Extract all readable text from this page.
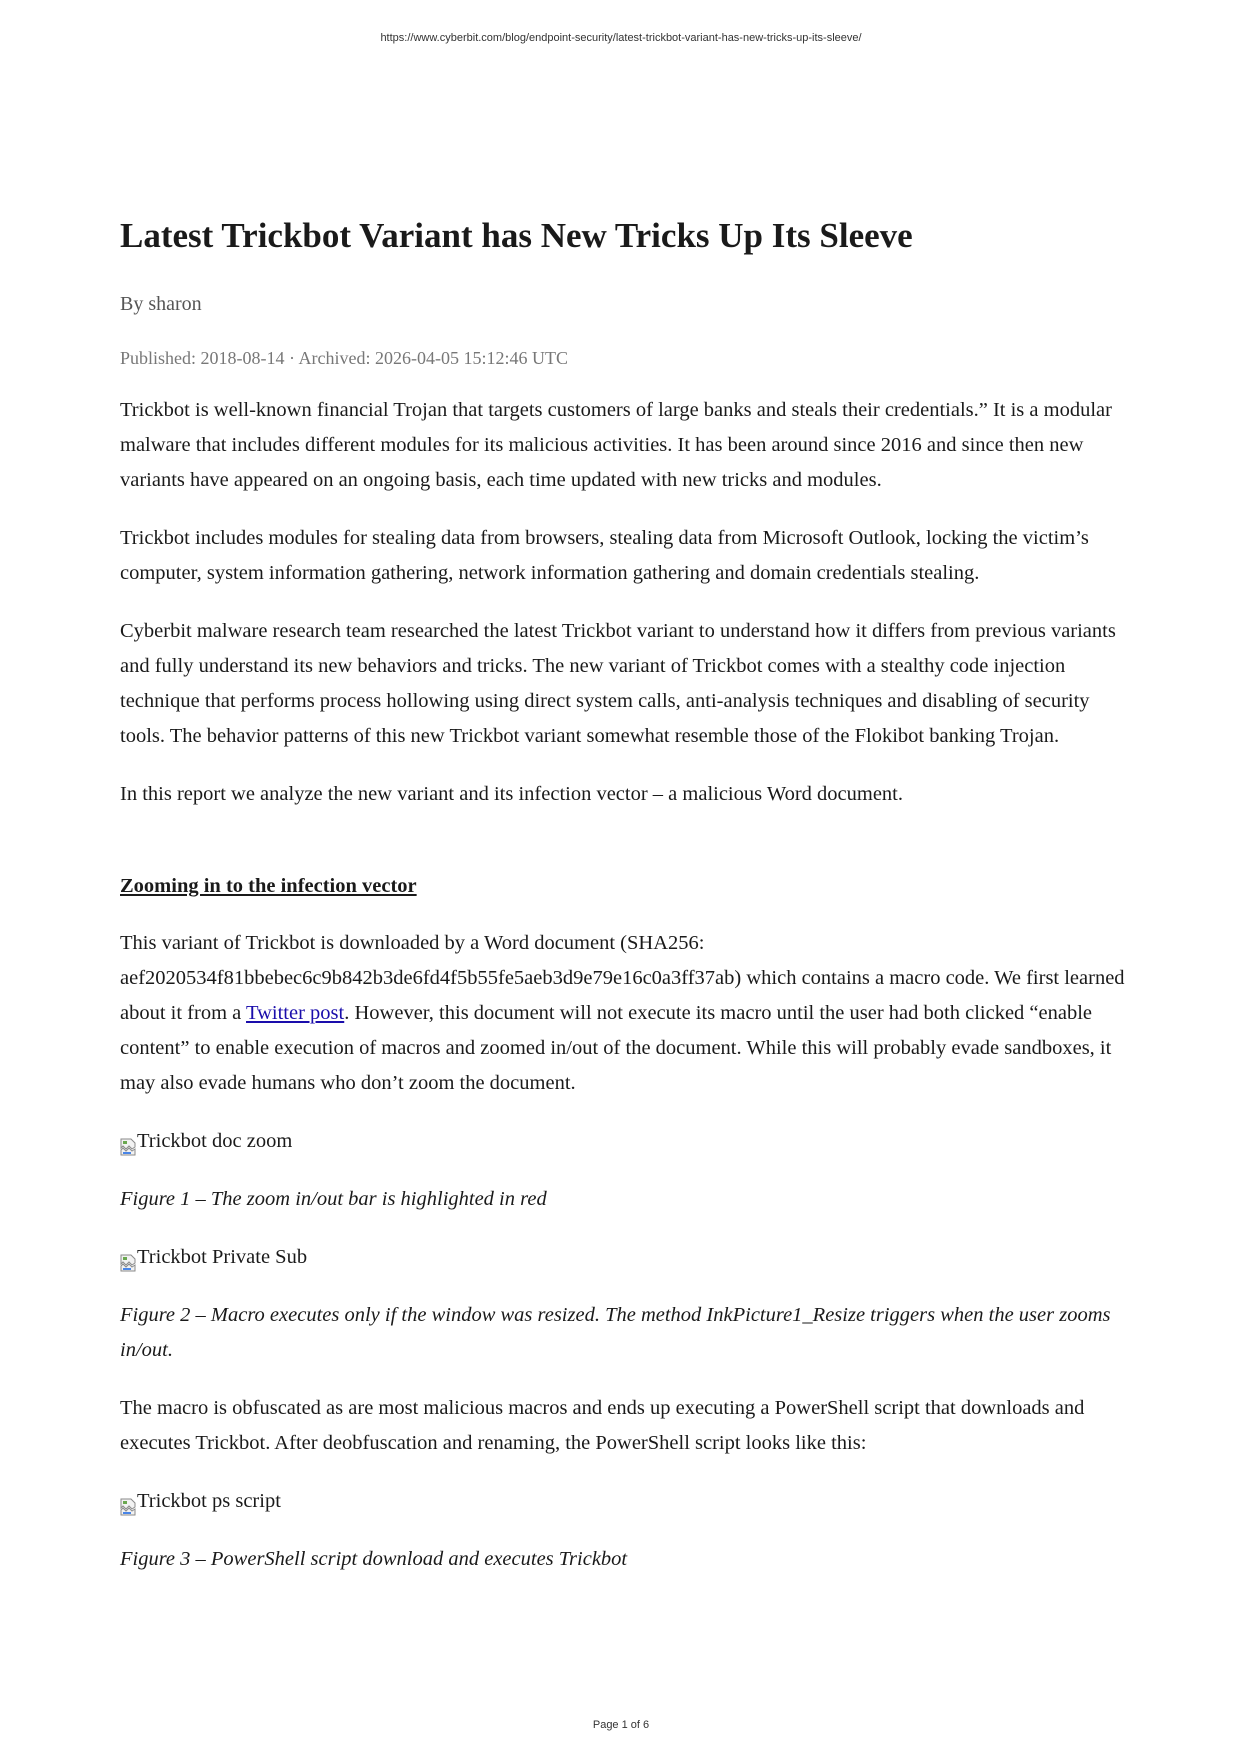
https://www.cyberbit.com/blog/endpoint-security/latest-trickbot-variant-has-new-tricks-up-its-sleeve/
Latest Trickbot Variant has New Tricks Up Its Sleeve
By sharon
Published: 2018-08-14 · Archived: 2026-04-05 15:12:46 UTC

Trickbot is well-known financial Trojan that targets customers of large banks and steals their credentials.” It is a modular malware that includes different modules for its malicious activities. It has been around since 2016 and since then new variants have appeared on an ongoing basis, each time updated with new tricks and modules.

Trickbot includes modules for stealing data from browsers, stealing data from Microsoft Outlook, locking the victim’s computer, system information gathering, network information gathering and domain credentials stealing.

Cyberbit malware research team researched the latest Trickbot variant to understand how it differs from previous variants and fully understand its new behaviors and tricks. The new variant of Trickbot comes with a stealthy code injection technique that performs process hollowing using direct system calls, anti-analysis techniques and disabling of security tools. The behavior patterns of this new Trickbot variant somewhat resemble those of the Flokibot banking Trojan.

In this report we analyze the new variant and its infection vector – a malicious Word document.

Zooming in to the infection vector

This variant of Trickbot is downloaded by a Word document (SHA256: aef2020534f81bbebec6c9b842b3de6fd4f5b55fe5aeb3d9e79e16c0a3ff37ab) which contains a macro code. We first learned about it from a Twitter post. However, this document will not execute its macro until the user had both clicked “enable content” to enable execution of macros and zoomed in/out of the document. While this will probably evade sandboxes, it may also evade humans who don’t zoom the document.

Trickbot doc zoom

Figure 1 – The zoom in/out bar is highlighted in red

Trickbot Private Sub

Figure 2 – Macro executes only if the window was resized. The method InkPicture1_Resize triggers when the user zooms in/out.

The macro is obfuscated as are most malicious macros and ends up executing a PowerShell script that downloads and executes Trickbot. After deobfuscation and renaming, the PowerShell script looks like this:

Trickbot ps script

Figure 3 – PowerShell script download and executes Trickbot

Page 1 of 6
